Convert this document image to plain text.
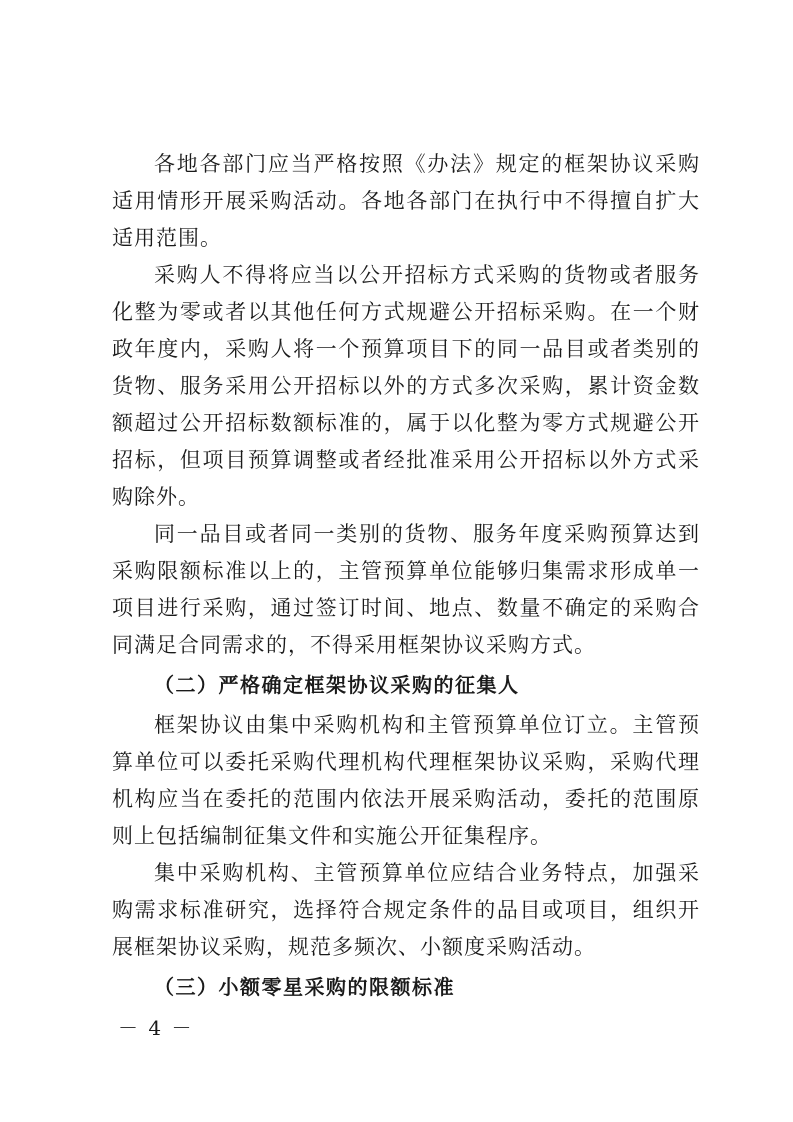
各地各部门应当严格按照《办法》规定的框架协议采购适用情形开展采购活动。各地各部门在执行中不得擅自扩大适用范围。

采购人不得将应当以公开招标方式采购的货物或者服务化整为零或者以其他任何方式规避公开招标采购。在一个财政年度内，采购人将一个预算项目下的同一品目或者类别的货物、服务采用公开招标以外的方式多次采购，累计资金数额超过公开招标数额标准的，属于以化整为零方式规避公开招标，但项目预算调整或者经批准采用公开招标以外方式采购除外。

同一品目或者同一类别的货物、服务年度采购预算达到采购限额标准以上的，主管预算单位能够归集需求形成单一项目进行采购，通过签订时间、地点、数量不确定的采购合同满足合同需求的，不得采用框架协议采购方式。

（二）严格确定框架协议采购的征集人

框架协议由集中采购机构和主管预算单位订立。主管预算单位可以委托采购代理机构代理框架协议采购，采购代理机构应当在委托的范围内依法开展采购活动，委托的范围原则上包括编制征集文件和实施公开征集程序。

集中采购机构、主管预算单位应结合业务特点，加强采购需求标准研究，选择符合规定条件的品目或项目，组织开展框架协议采购，规范多频次、小额度采购活动。

（三）小额零星采购的限额标准

－ 4 －
